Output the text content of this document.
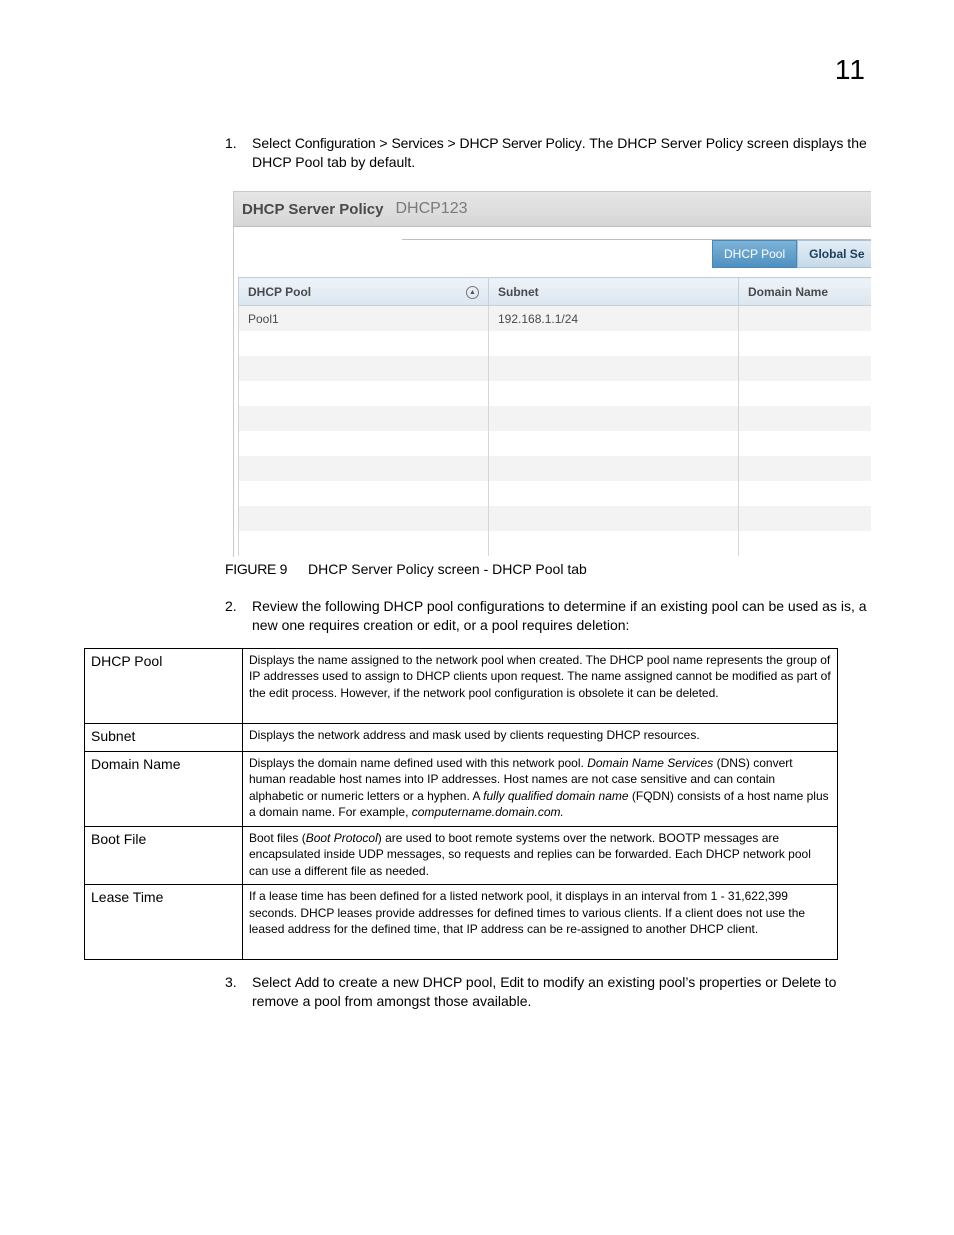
11
1. Select Configuration > Services > DHCP Server Policy. The DHCP Server Policy screen displays the DHCP Pool tab by default.
DHCP Server Policy DHCP123
DHCP Pool	Global Se
DHCP Pool ▲	Subnet	Domain Name
Pool1	192.168.1.1/24	

FIGURE 9 DHCP Server Policy screen - DHCP Pool tab
2. Review the following DHCP pool configurations to determine if an existing pool can be used as is, a new one requires creation or edit, or a pool requires deletion:
DHCP Pool	Displays the name assigned to the network pool when created. The DHCP pool name represents the group of IP addresses used to assign to DHCP clients upon request. The name assigned cannot be modified as part of the edit process. However, if the network pool configuration is obsolete it can be deleted.
Subnet	Displays the network address and mask used by clients requesting DHCP resources.
Domain Name	Displays the domain name defined used with this network pool. Domain Name Services (DNS) convert human readable host names into IP addresses. Host names are not case sensitive and can contain alphabetic or numeric letters or a hyphen. A fully qualified domain name (FQDN) consists of a host name plus a domain name. For example, computername.domain.com.
Boot File	Boot files (Boot Protocol) are used to boot remote systems over the network. BOOTP messages are encapsulated inside UDP messages, so requests and replies can be forwarded. Each DHCP network pool can use a different file as needed.
Lease Time	If a lease time has been defined for a listed network pool, it displays in an interval from 1 - 31,622,399 seconds. DHCP leases provide addresses for defined times to various clients. If a client does not use the leased address for the defined time, that IP address can be re-assigned to another DHCP client.
3. Select Add to create a new DHCP pool, Edit to modify an existing pool’s properties or Delete to remove a pool from amongst those available.
